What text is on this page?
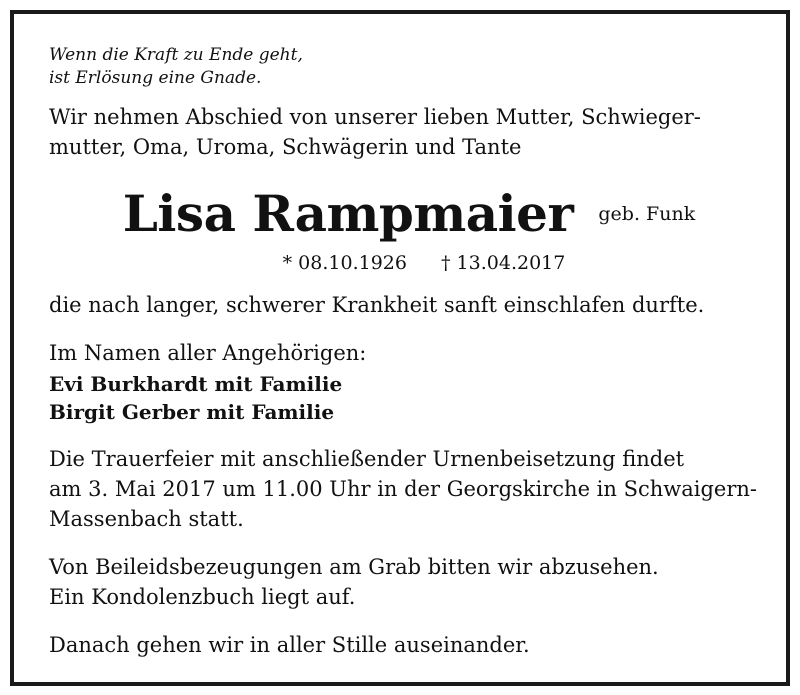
Wenn die Kraft zu Ende geht,
ist Erlösung eine Gnade.

Wir nehmen Abschied von unserer lieben Mutter, Schwieger-
mutter, Oma, Uroma, Schwägerin und Tante

Lisa Rampmaier geb. Funk
* 08.10.1926 † 13.04.2017

die nach langer, schwerer Krankheit sanft einschlafen durfte.

Im Namen aller Angehörigen:

Evi Burkhardt mit Familie
Birgit Gerber mit Familie

Die Trauerfeier mit anschließender Urnenbeisetzung findet
am 3. Mai 2017 um 11.00 Uhr in der Georgskirche in Schwaigern-
Massenbach statt.

Von Beileidsbezeugungen am Grab bitten wir abzusehen.
Ein Kondolenzbuch liegt auf.

Danach gehen wir in aller Stille auseinander.
